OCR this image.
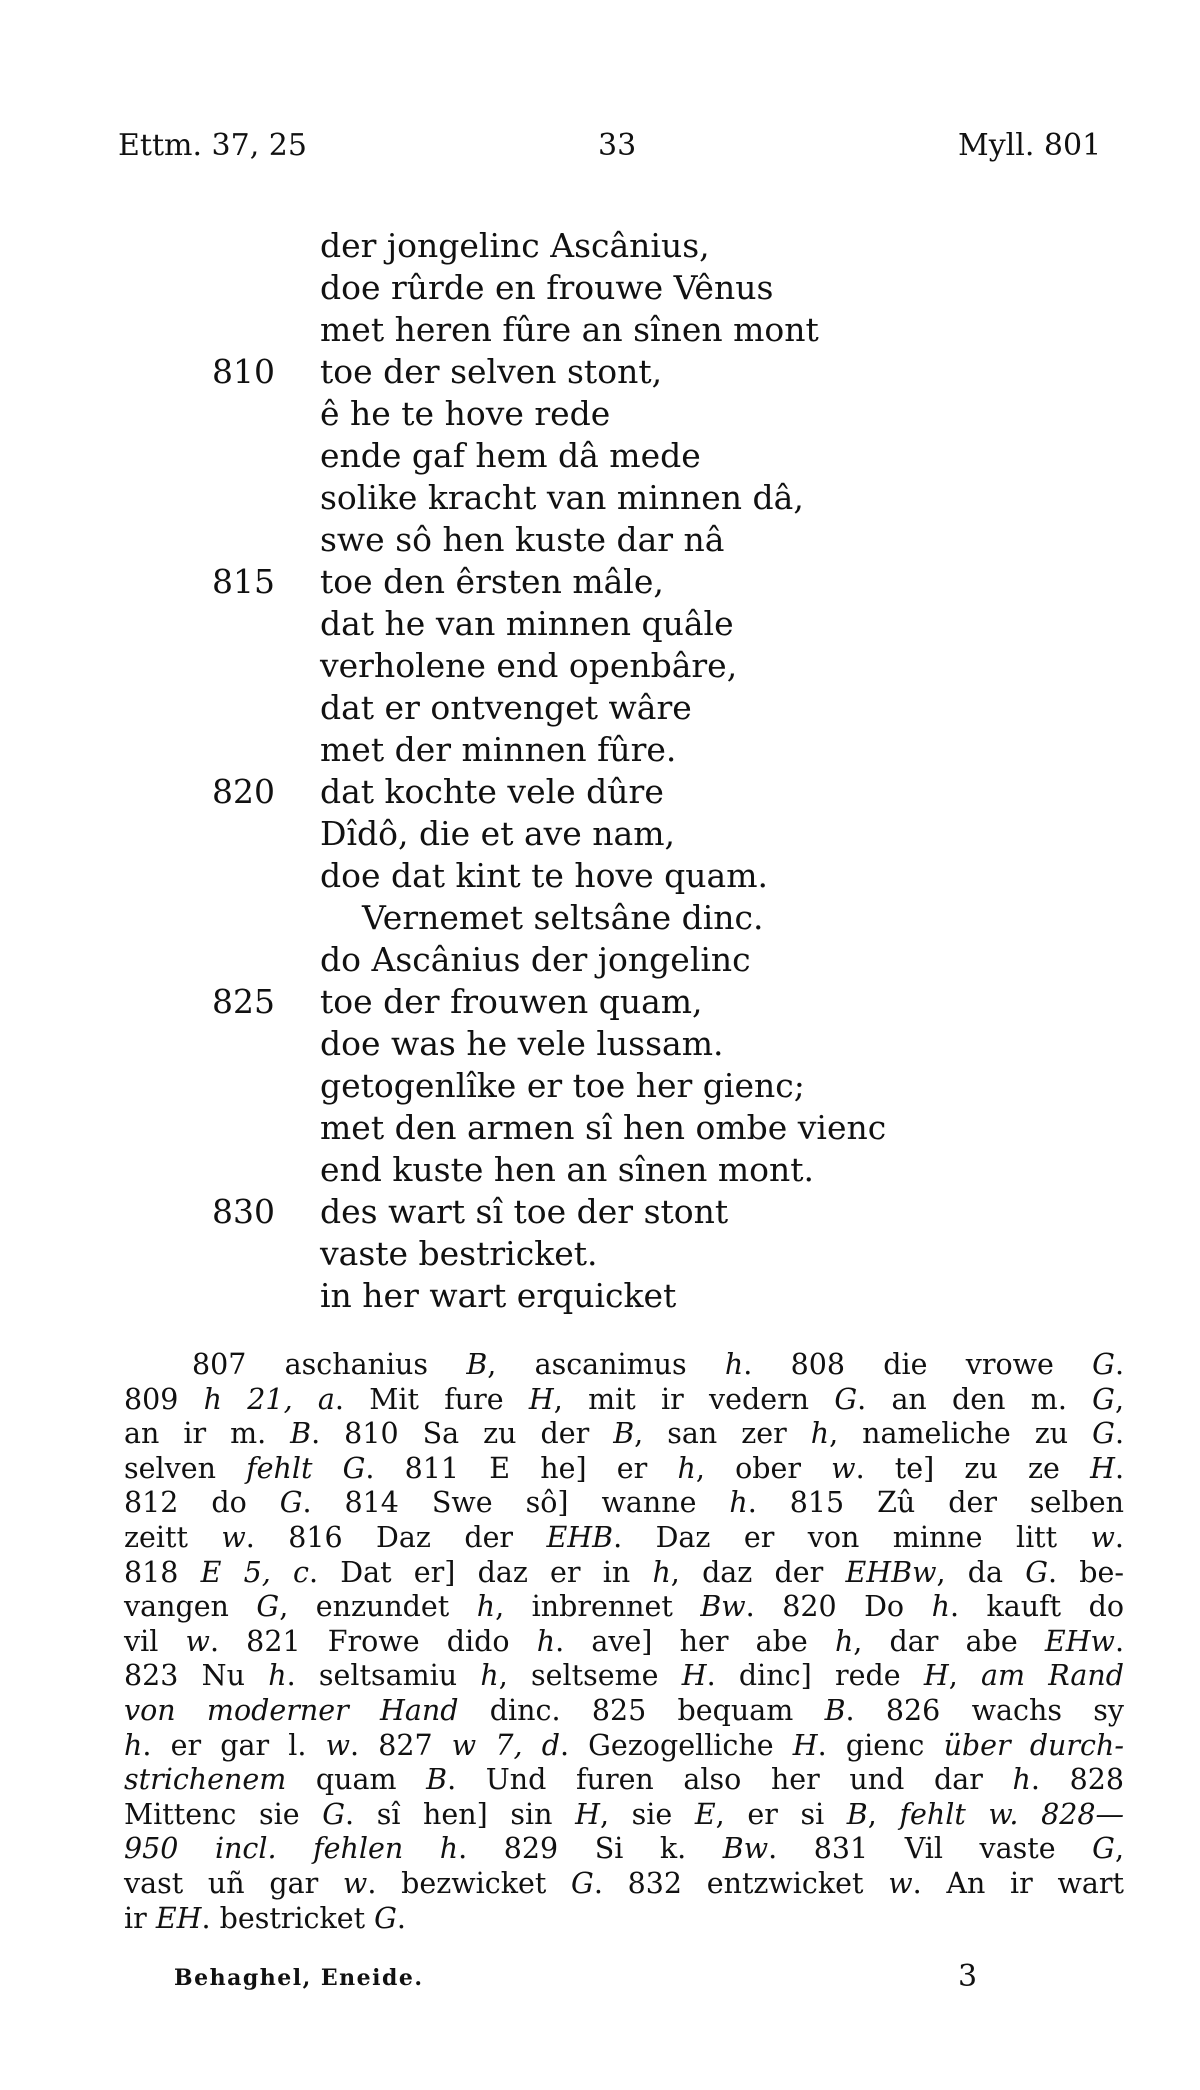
Ettm. 37, 25	33	Myll. 801
der jongelinc Ascânius,
doe rûrde en frouwe Vênus
met heren fûre an sînen mont
810	toe der selven stont,
ê he te hove rede
ende gaf hem dâ mede
solike kracht van minnen dâ,
swe sô hen kuste dar nâ
815	toe den êrsten mâle,
dat he van minnen quâle
verholene end openbâre,
dat er ontvenget wâre
met der minnen fûre.
820	dat kochte vele dûre
Dîdô, die et ave nam,
doe dat kint te hove quam.
Vernemet seltsâne dinc.
do Ascânius der jongelinc
825	toe der frouwen quam,
doe was he vele lussam.
getogenlîke er toe her gienc;
met den armen sî hen ombe vienc
end kuste hen an sînen mont.
830	des wart sî toe der stont
vaste bestricket.
in her wart erquicket
807 aschanius B, ascanimus h. 808 die vrowe G.
809 h 21, a. Mit fure H, mit ir vedern G. an den m. G,
an ir m. B. 810 Sa zu der B, san zer h, nameliche zu G.
selven fehlt G. 811 E he] er h, ober w. te] zu ze H.
812 do G. 814 Swe sô] wanne h. 815 Zû der selben
zeitt w. 816 Daz der EHB. Daz er von minne litt w.
818 E 5, c. Dat er] daz er in h, daz der EHBw, da G. be-
vangen G, enzundet h, inbrennet Bw. 820 Do h. kauft do
vil w. 821 Frowe dido h. ave] her abe h, dar abe EHw.
823 Nu h. seltsamiu h, seltseme H. dinc] rede H, am Rand
von moderner Hand dinc. 825 bequam B. 826 wachs sy
h. er gar l. w. 827 w 7, d. Gezogelliche H. gienc über durch-
strichenem quam B. Und furen also her und dar h. 828
Mittenc sie G. sî hen] sin H, sie E, er si B, fehlt w. 828—
950 incl. fehlen h. 829 Si k. Bw. 831 Vil vaste G,
vast uñ gar w. bezwicket G. 832 entzwicket w. An ir wart
ir EH. bestricket G.
Behaghel, Eneide.	3
